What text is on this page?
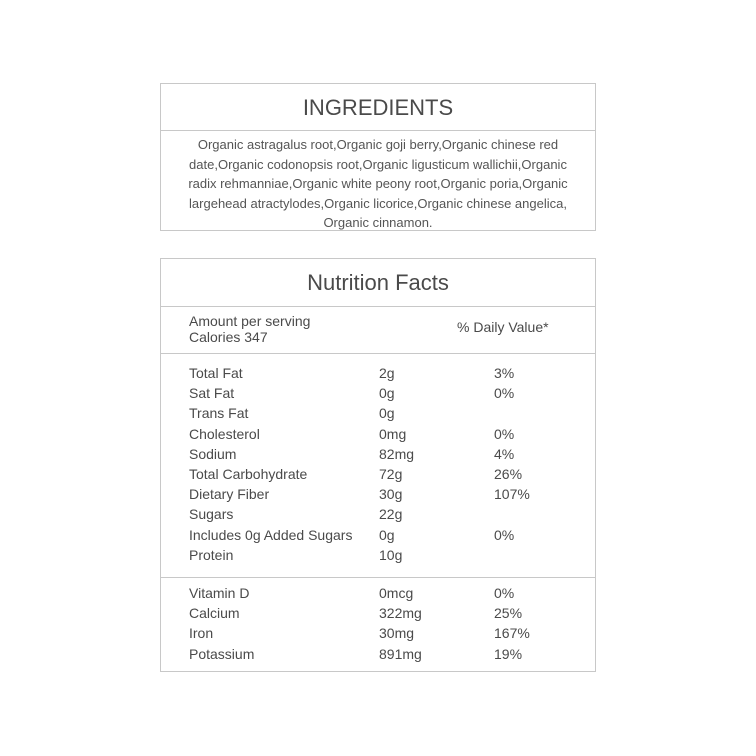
INGREDIENTS
Organic astragalus root,Organic goji berry,Organic chinese red
date,Organic codonopsis root,Organic ligusticum wallichii,Organic
radix rehmanniae,Organic white peony root,Organic poria,Organic
largehead atractylodes,Organic licorice,Organic chinese angelica,
Organic cinnamon.
Nutrition Facts
Amount per serving
Calories 347
% Daily Value*
Total Fat	2g	3%
Sat Fat	0g	0%
Trans Fat	0g
Cholesterol	0mg	0%
Sodium	82mg	4%
Total Carbohydrate	72g	26%
Dietary Fiber	30g	107%
Sugars	22g
Includes 0g Added Sugars 0g	0%
Protein	10g
Vitamin D	0mcg	0%
Calcium	322mg	25%
Iron	30mg	167%
Potassium	891mg	19%
